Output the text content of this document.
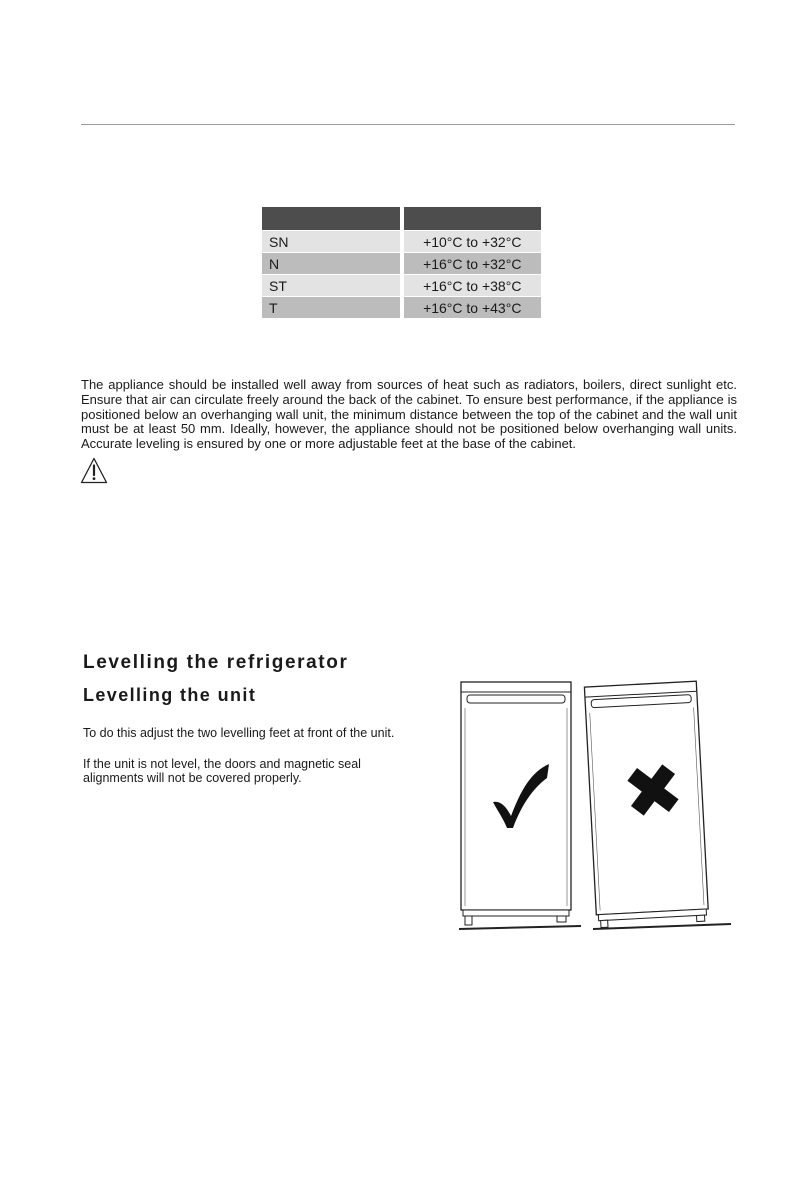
SN	+10°C to +32°C
N	+16°C to +32°C
ST	+16°C to +38°C
T	+16°C to +43°C

The appliance should be installed well away from sources of heat such as radiators, boilers, direct sunlight etc. Ensure that air can circulate freely around the back of the cabinet. To ensure best performance, if the appliance is positioned below an overhanging wall unit, the minimum distance between the top of the cabinet and the wall unit must be at least 50 mm. Ideally, however, the appliance should not be positioned below overhanging wall units. Accurate leveling is ensured by one or more adjustable feet at the base of the cabinet.

Levelling the refrigerator
Levelling the unit

To do this adjust the two levelling feet at front of the unit.

If the unit is not level, the doors and magnetic seal alignments will not be covered properly.
